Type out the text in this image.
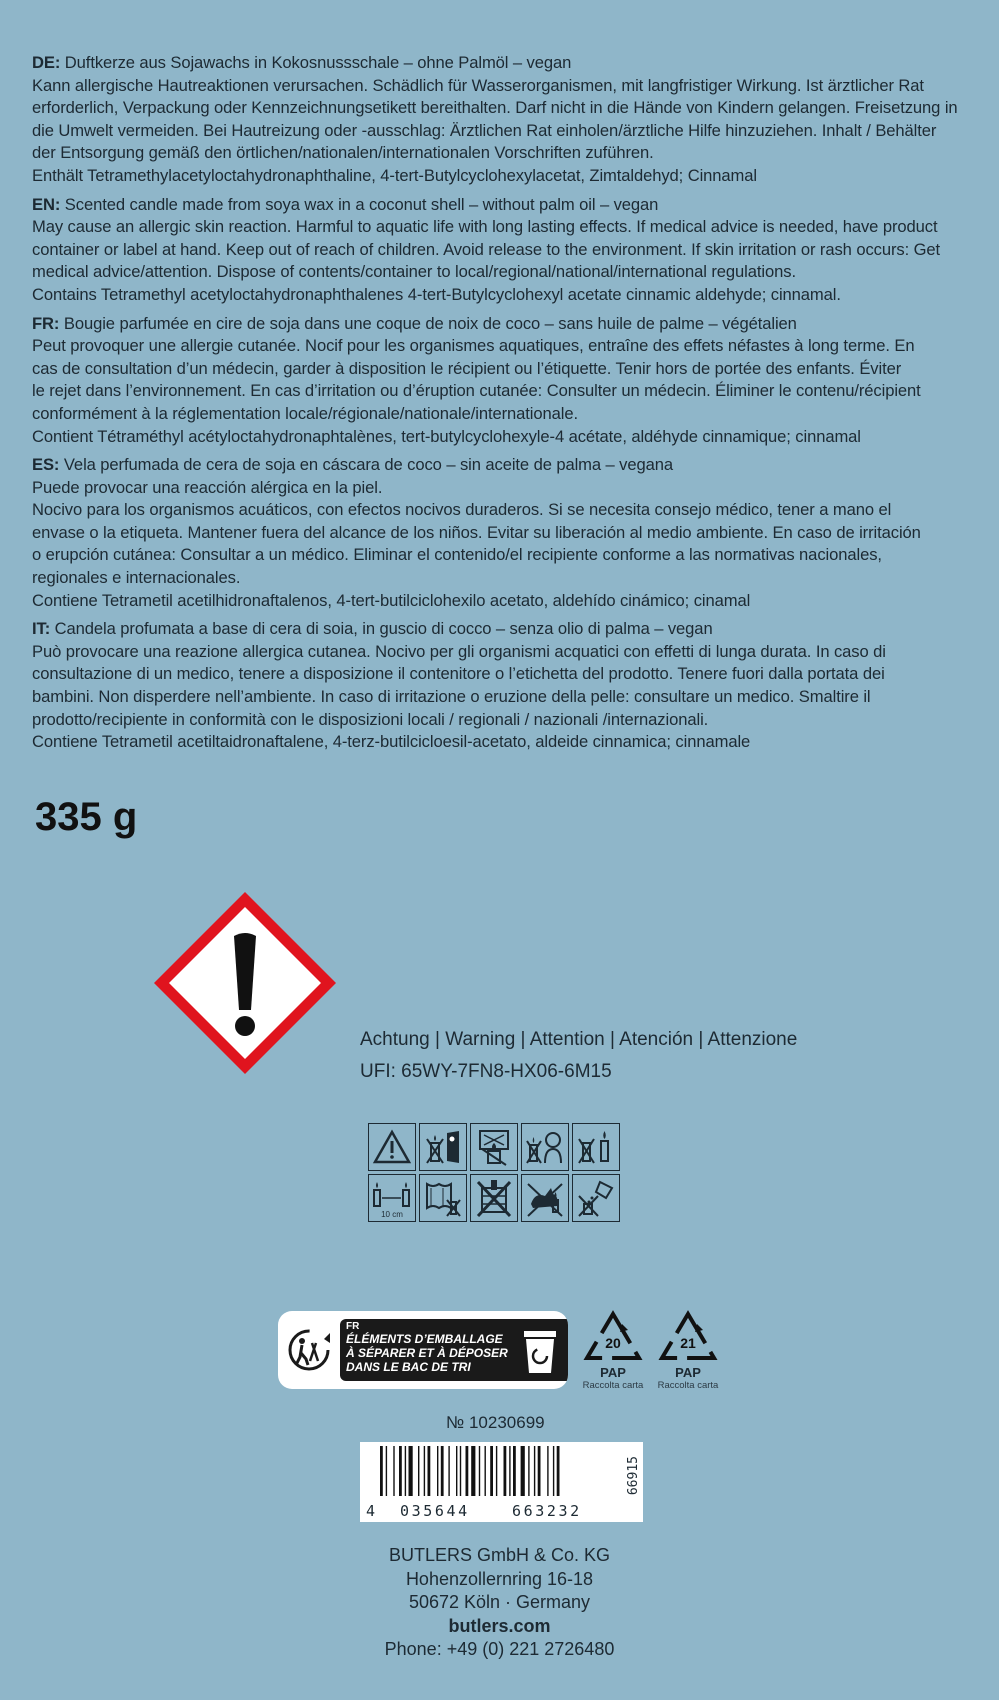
DE: Duftkerze aus Sojawachs in Kokosnussschale – ohne Palmöl – vegan
Kann allergische Hautreaktionen verursachen. Schädlich für Wasserorganismen, mit langfristiger Wirkung. Ist ärztlicher Rat
erforderlich, Verpackung oder Kennzeichnungsetikett bereithalten. Darf nicht in die Hände von Kindern gelangen. Freisetzung in
die Umwelt vermeiden. Bei Hautreizung oder -ausschlag: Ärztlichen Rat einholen/ärztliche Hilfe hinzuziehen. Inhalt / Behälter
der Entsorgung gemäß den örtlichen/nationalen/internationalen Vorschriften zuführen.
Enthält Tetramethylacetyloctahydronaphthaline, 4-tert-Butylcyclohexylacetat, Zimtaldehyd; Cinnamal
EN: Scented candle made from soya wax in a coconut shell – without palm oil – vegan
May cause an allergic skin reaction. Harmful to aquatic life with long lasting effects. If medical advice is needed, have product
container or label at hand. Keep out of reach of children. Avoid release to the environment. If skin irritation or rash occurs: Get
medical advice/attention. Dispose of contents/container to local/regional/national/international regulations.
Contains Tetramethyl acetyloctahydronaphthalenes 4-tert-Butylcyclohexyl acetate cinnamic aldehyde; cinnamal.
FR: Bougie parfumée en cire de soja dans une coque de noix de coco – sans huile de palme – végétalien
Peut provoquer une allergie cutanée. Nocif pour les organismes aquatiques, entraîne des effets néfastes à long terme. En
cas de consultation d’un médecin, garder à disposition le récipient ou l’étiquette. Tenir hors de portée des enfants. Éviter
le rejet dans l’environnement. En cas d’irritation ou d’éruption cutanée: Consulter un médecin. Éliminer le contenu/récipient
conformément à la réglementation locale/régionale/nationale/internationale.
Contient Tétraméthyl acétyloctahydronaphtalènes, tert-butylcyclohexyle-4 acétate, aldéhyde cinnamique; cinnamal
ES: Vela perfumada de cera de soja en cáscara de coco – sin aceite de palma – vegana
Puede provocar una reacción alérgica en la piel.
Nocivo para los organismos acuáticos, con efectos nocivos duraderos. Si se necesita consejo médico, tener a mano el
envase o la etiqueta. Mantener fuera del alcance de los niños. Evitar su liberación al medio ambiente. En caso de irritación
o erupción cutánea: Consultar a un médico. Eliminar el contenido/el recipiente conforme a las normativas nacionales,
regionales e internacionales.
Contiene Tetrametil acetilhidronaftalenos, 4-tert-butilciclohexilo acetato, aldehído cinámico; cinamal
IT: Candela profumata a base di cera di soia, in guscio di cocco – senza olio di palma – vegan
Può provocare una reazione allergica cutanea. Nocivo per gli organismi acquatici con effetti di lunga durata. In caso di
consultazione di un medico, tenere a disposizione il contenitore o l’etichetta del prodotto. Tenere fuori dalla portata dei
bambini. Non disperdere nell’ambiente. In caso di irritazione o eruzione della pelle: consultare un medico. Smaltire il
prodotto/recipiente in conformità con le disposizioni locali / regionali / nazionali /internazionali.
Contiene Tetrametil acetiltaidronaftalene, 4-terz-butilcicloesil-acetato, aldeide cinnamica; cinnamale
335 g
Achtung | Warning | Attention | Atención | Attenzione
UFI: 65WY-7FN8-HX06-6M15
10 cm
FR
ÉLÉMENTS D’EMBALLAGE
À SÉPARER ET À DÉPOSER
DANS LE BAC DE TRI
20
PAP
Raccolta carta
21
PAP
Raccolta carta
№ 10230699
4 035644	663232
66915
BUTLERS GmbH & Co. KG
Hohenzollernring 16-18
50672 Köln · Germany
butlers.com
Phone: +49 (0) 221 2726480
